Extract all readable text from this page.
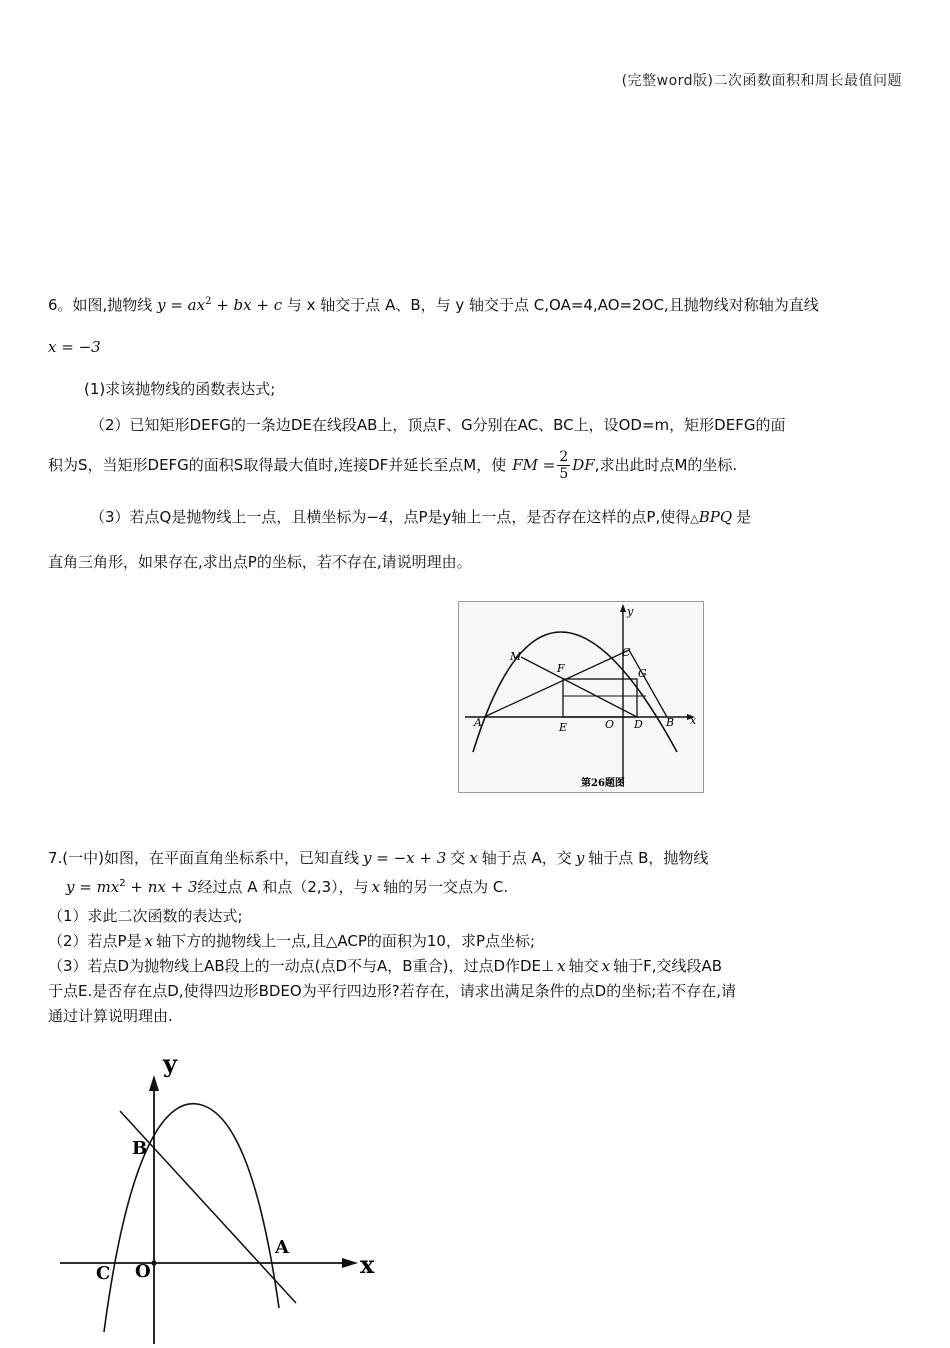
(完整word版)二次函数面积和周长最值问题
6。如图,抛物线 $y = ax^2$ + bx + c 与 x 轴交于点 A、B，与 y 轴交于点 C,OA=4,AO=2OC,且抛物线对称轴为直线
x = −3
(1)求该抛物线的函数表达式;
（2）已知矩形DEFG的一条边DE在线段AB上，顶点F、G分别在AC、BC上，设OD=m，矩形DEFG的面
积为S，当矩形DEFG的面积S取得最大值时,连接DF并延长至点M，使 FM = $\frac{2}{5}$ DF,求出此时点M的坐标.
（3）若点Q是抛物线上一点，且横坐标为−4，点P是y轴上一点，是否存在这样的点P,使得△BPQ 是
直角三角形，如果存在,求出点P的坐标，若不存在,请说明理由。
y
x
M
F
C
G
A	E	O D B
第26题图
7.(一中)如图，在平面直角坐标系中，已知直线 y = −x + 3 交 x 轴于点 A，交 y 轴于点 B，抛物线
$y = mx^2$ + nx + 3经过点 A 和点（2,3），与 x 轴的另一交点为 C.
（1）求此二次函数的表达式;
（2）若点P是 x 轴下方的抛物线上一点,且△ACP的面积为10，求P点坐标;
（3）若点D为抛物线上AB段上的一动点(点D不与A，B重合)，过点D作DE⊥ x 轴交 x 轴于F,交线段AB
于点E.是否存在点D,使得四边形BDEO为平行四边形?若存在，请求出满足条件的点D的坐标;若不存在,请
通过计算说明理由.
y
x
B
A
C O
